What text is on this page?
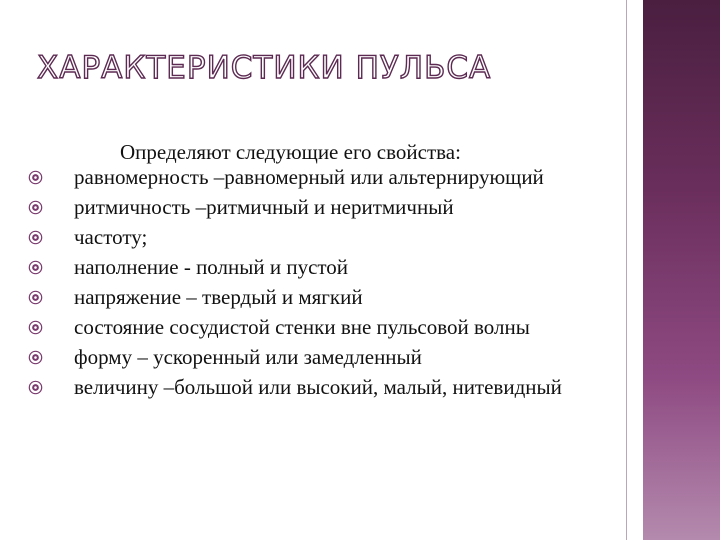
ХАРАКТЕРИСТИКИ ПУЛЬСА

Определяют следующие его свойства:

равномерность –равномерный или альтернирующий
ритмичность –ритмичный и неритмичный
частоту;
наполнение - полный и пустой
напряжение – твердый и мягкий
состояние сосудистой стенки вне пульсовой волны
форму – ускоренный или замедленный
величину –большой или высокий, малый, нитевидный
